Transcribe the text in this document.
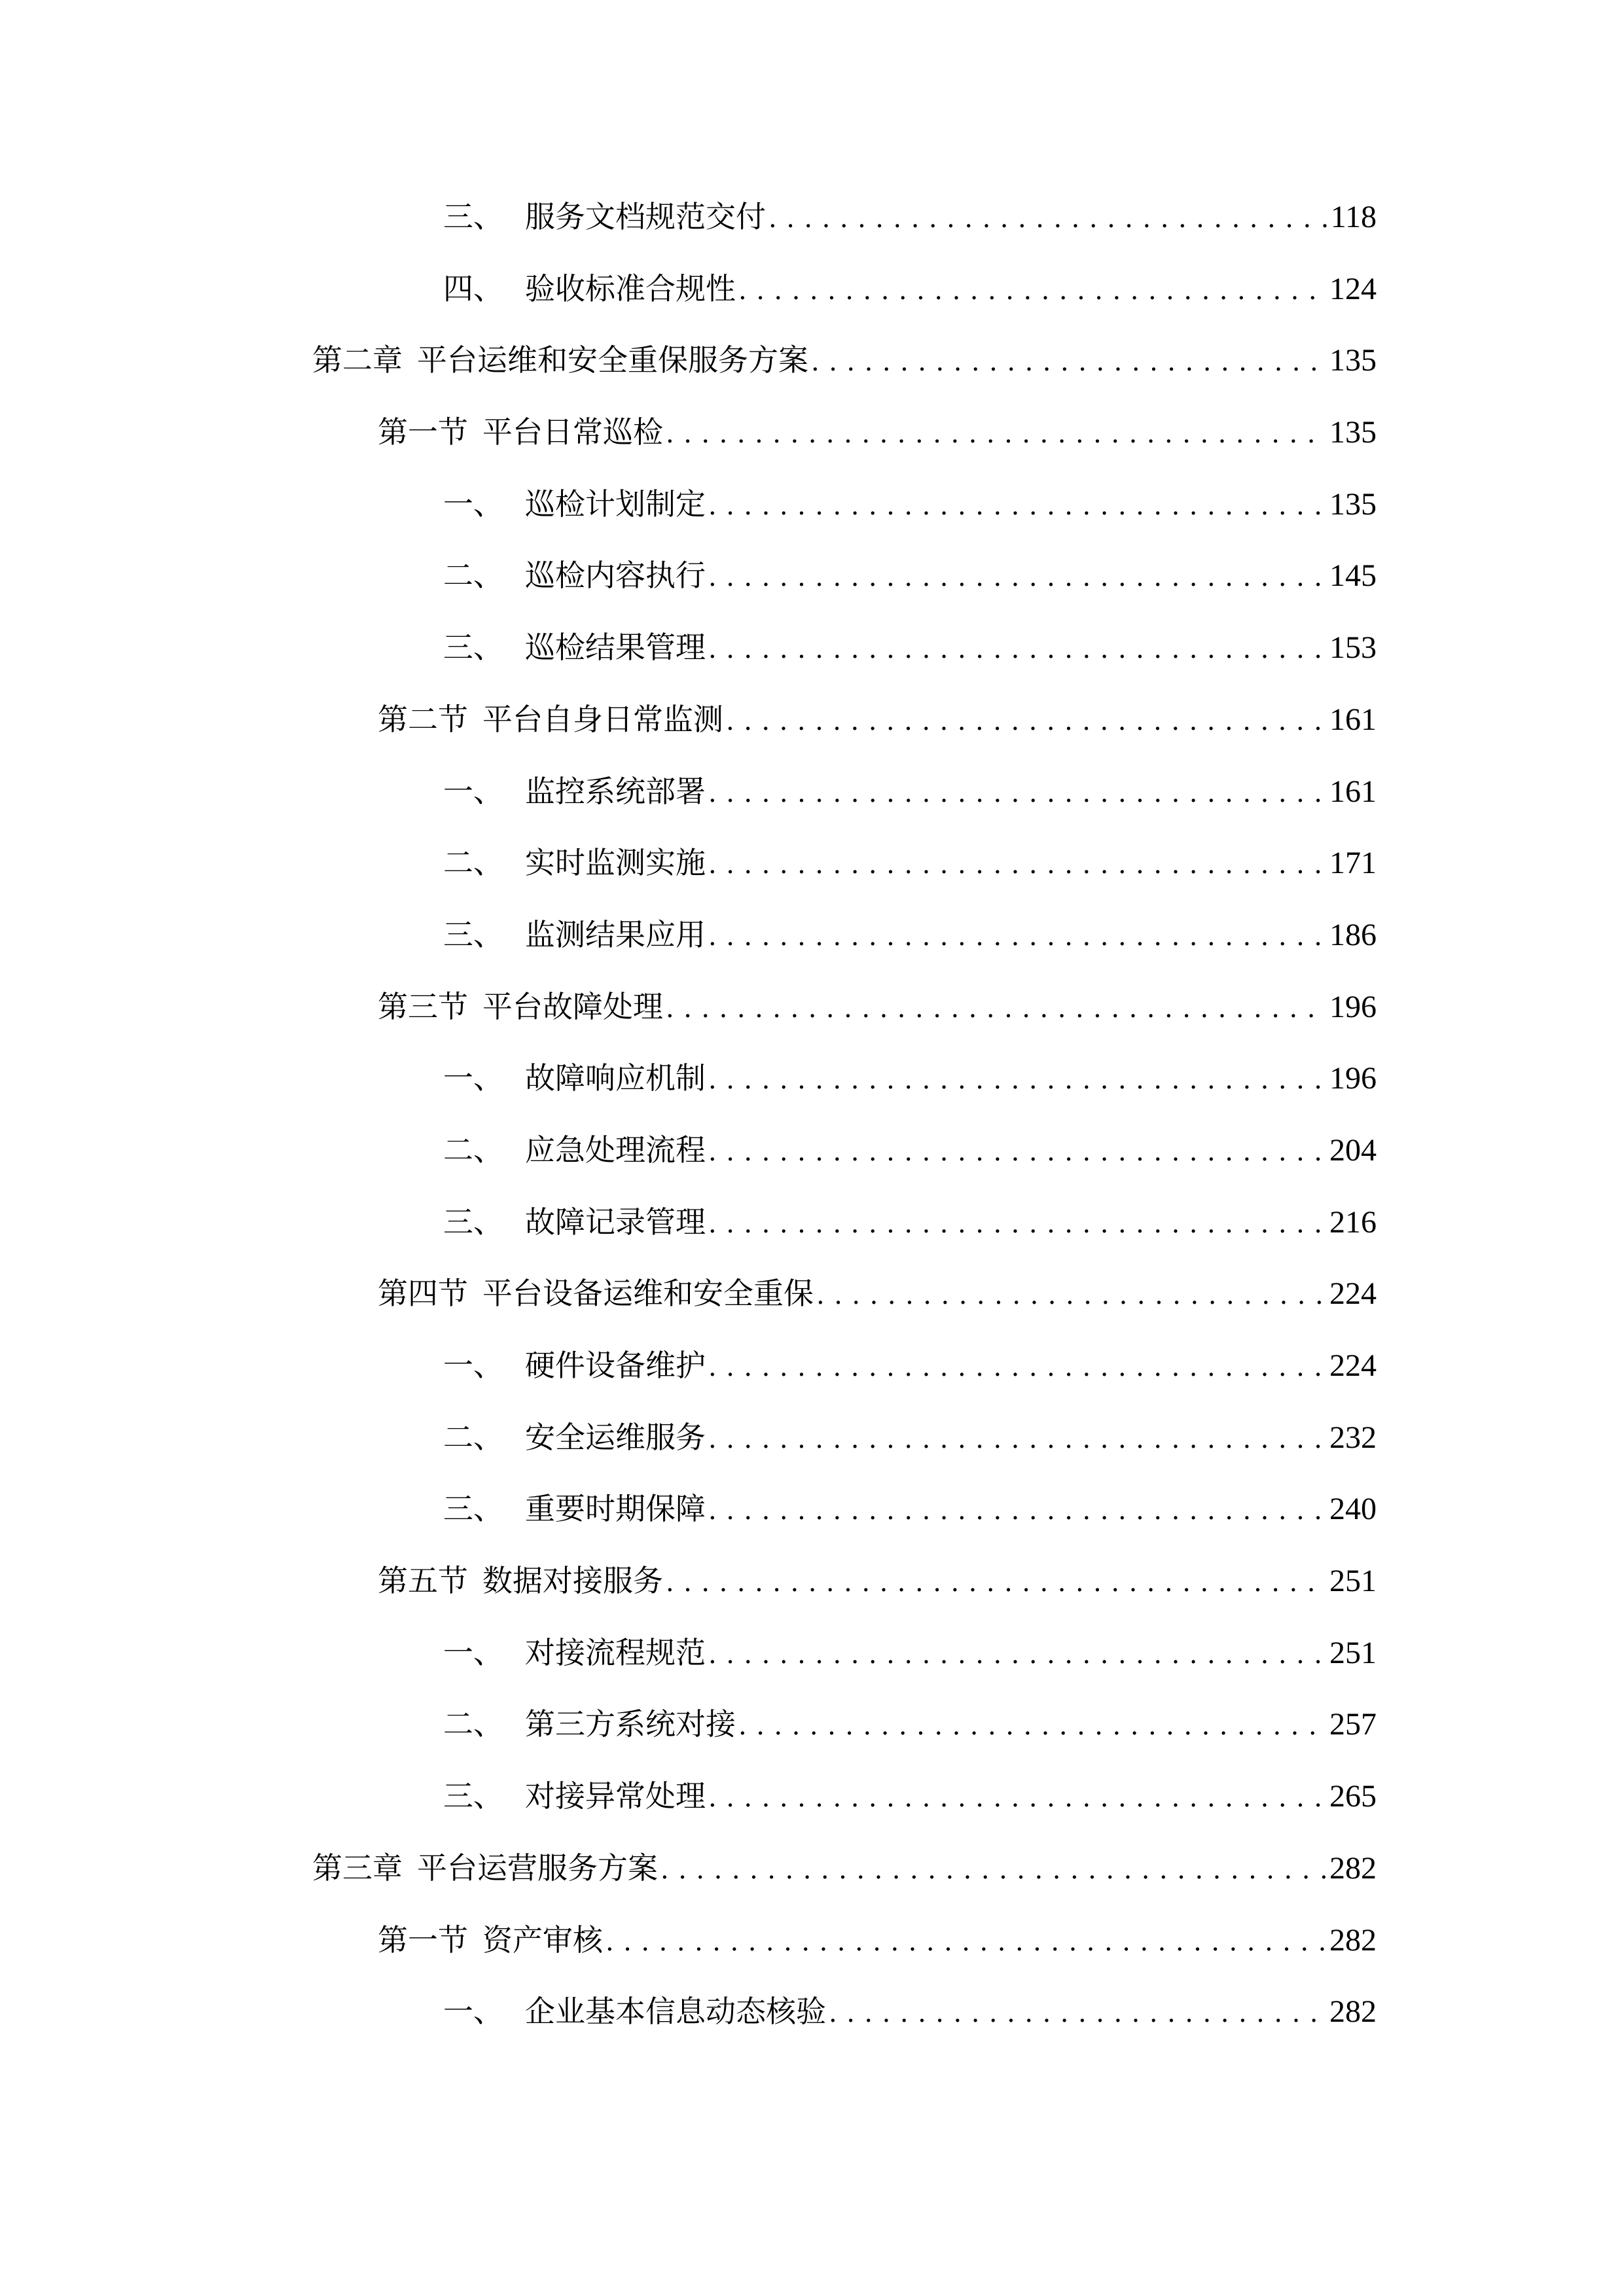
三、 服务文档规范交付 .....	118
四、 验收标准合规性 .....	124
第二章 平台运维和安全重保服务方案 .....	135
第一节 平台日常巡检 .....	135
一、 巡检计划制定 .....	135
二、 巡检内容执行 .....	145
三、 巡检结果管理 .....	153
第二节 平台自身日常监测 .....	161
一、 监控系统部署 .....	161
二、 实时监测实施 .....	171
三、 监测结果应用 .....	186
第三节 平台故障处理 .....	196
一、 故障响应机制 .....	196
二、 应急处理流程 .....	204
三、 故障记录管理 .....	216
第四节 平台设备运维和安全重保 .....	224
一、 硬件设备维护 .....	224
二、 安全运维服务 .....	232
三、 重要时期保障 .....	240
第五节 数据对接服务 .....	251
一、 对接流程规范 .....	251
二、 第三方系统对接 .....	257
三、 对接异常处理 .....	265
第三章 平台运营服务方案 .....	282
第一节 资产审核 .....	282
一、 企业基本信息动态核验 .....	282
